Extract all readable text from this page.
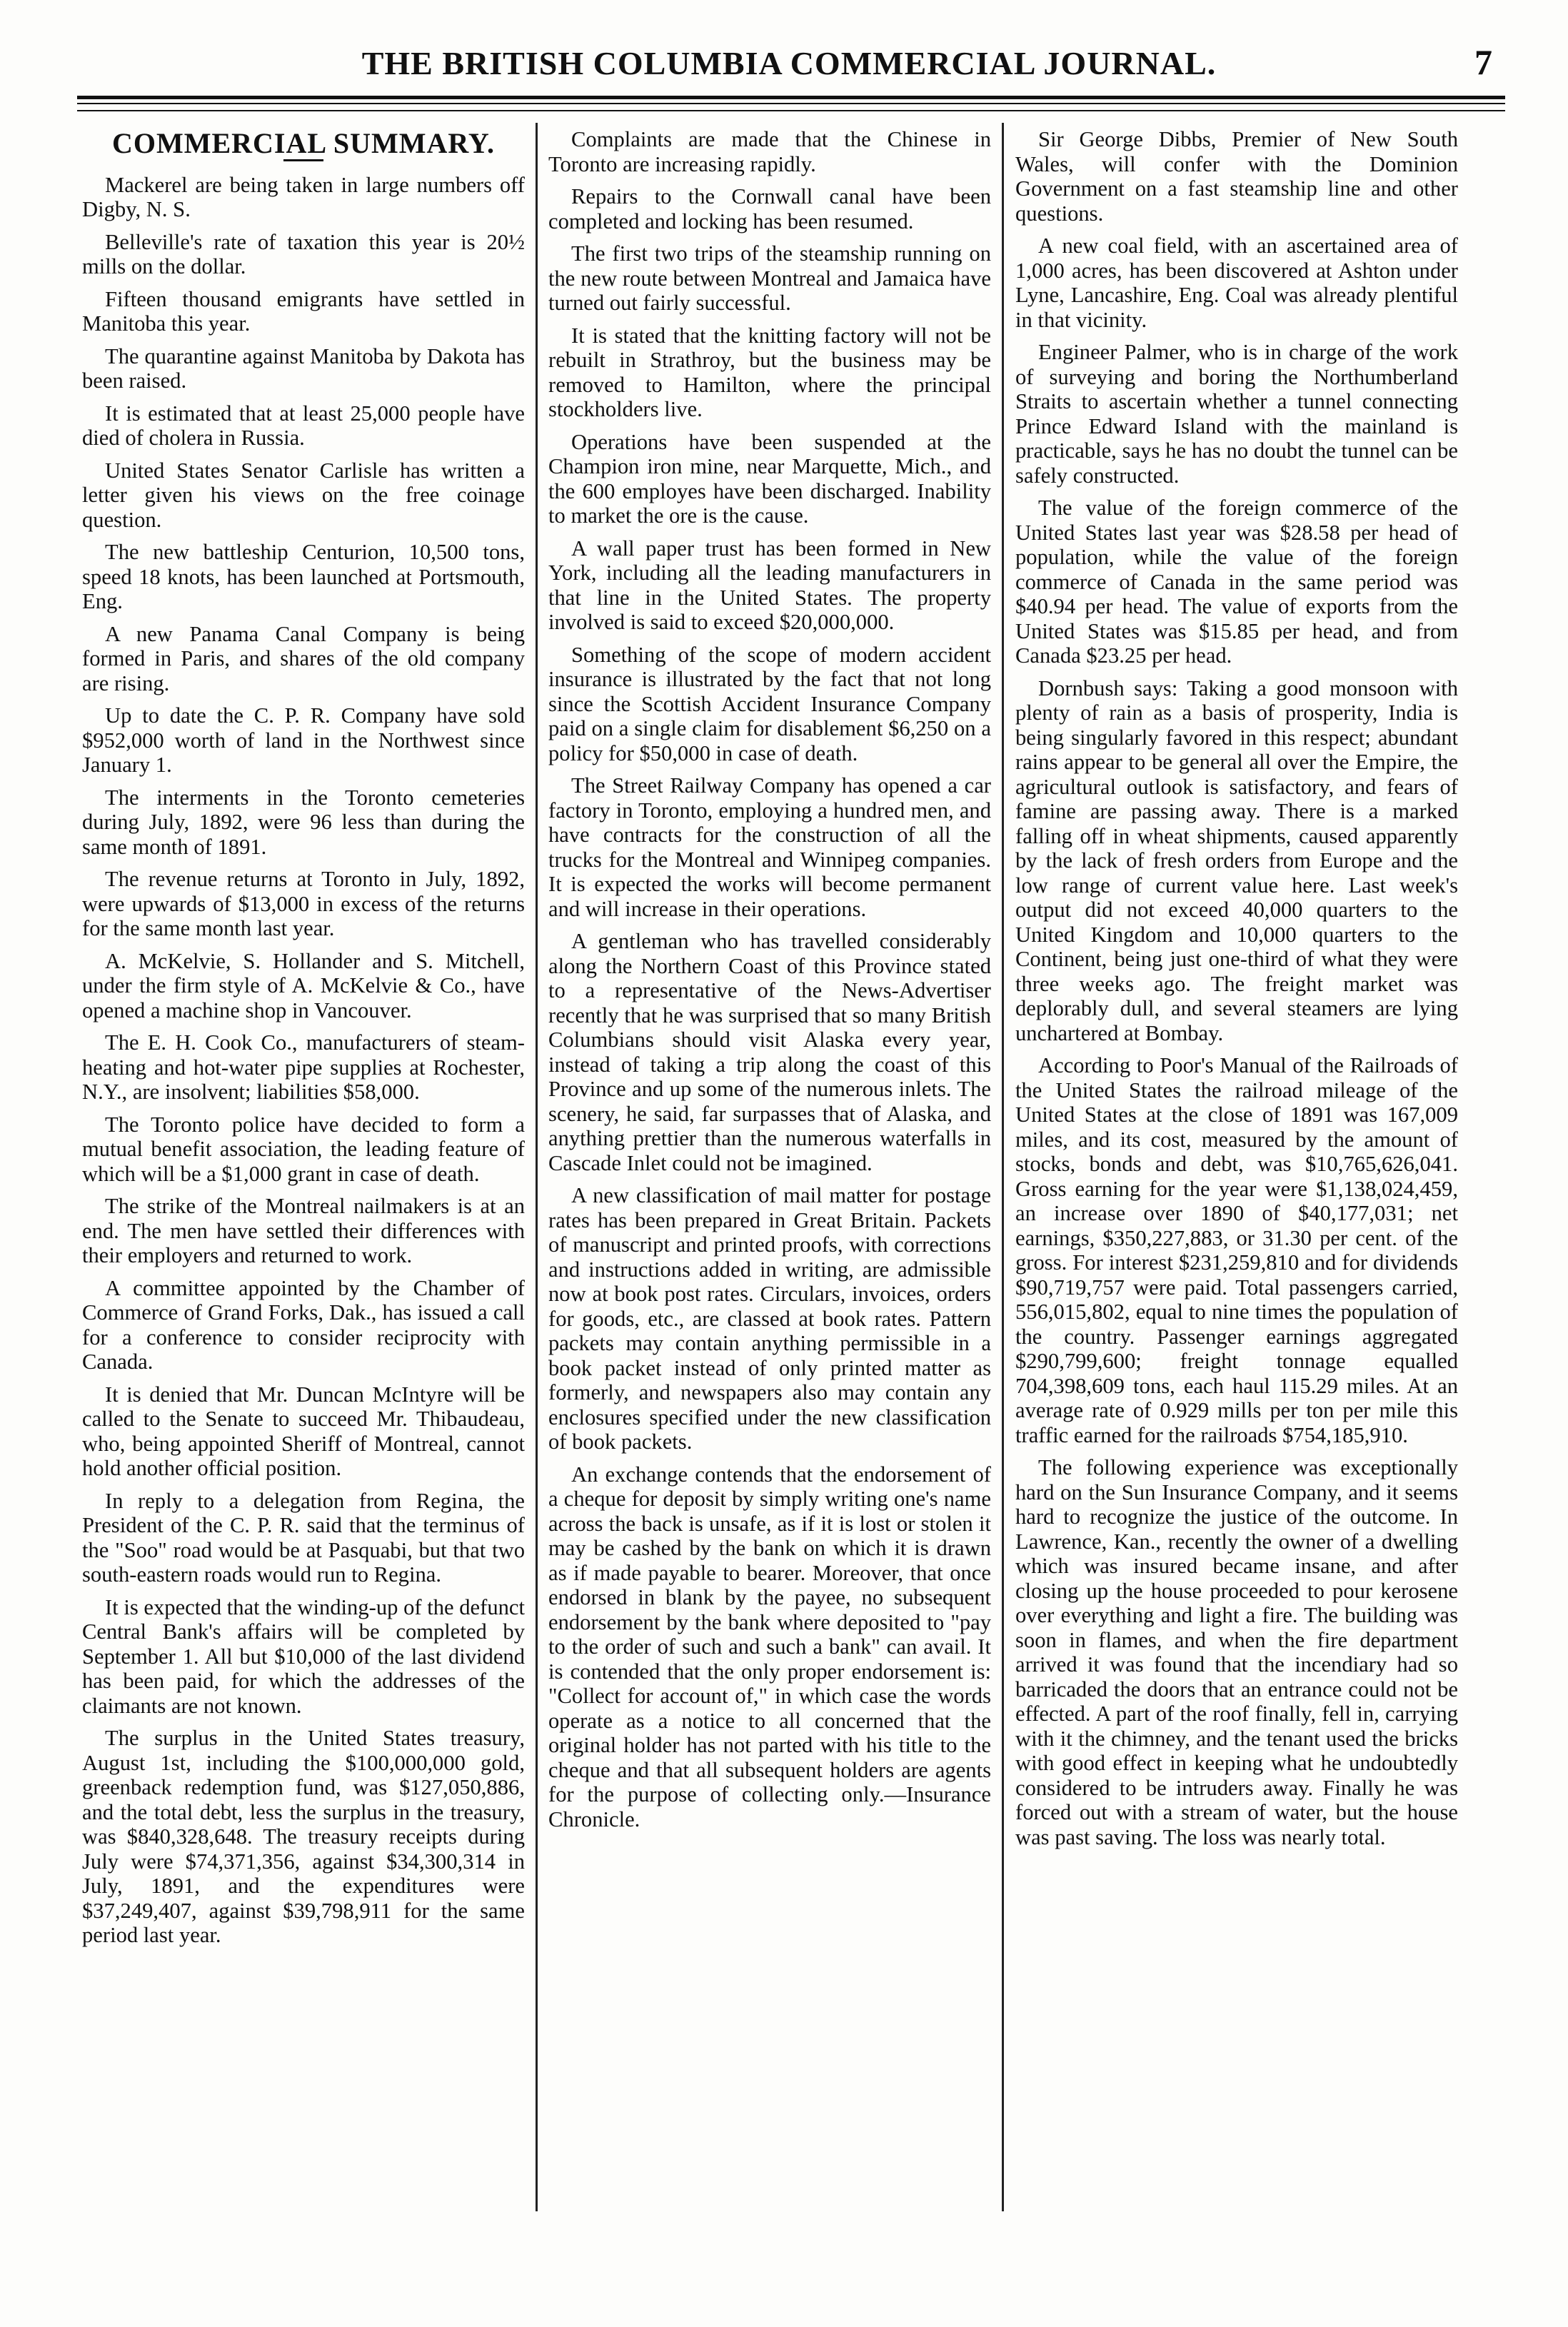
THE BRITISH COLUMBIA COMMERCIAL JOURNAL.	7
COMMERCIAL SUMMARY.

Mackerel are being taken in large numbers off Digby, N. S.

Belleville's rate of taxation this year is 20½ mills on the dollar.

Fifteen thousand emigrants have settled in Manitoba this year.

The quarantine against Manitoba by Dakota has been raised.

It is estimated that at least 25,000 people have died of cholera in Russia.

United States Senator Carlisle has written a letter given his views on the free coinage question.

The new battleship Centurion, 10,500 tons, speed 18 knots, has been launched at Portsmouth, Eng.

A new Panama Canal Company is being formed in Paris, and shares of the old company are rising.

Up to date the C. P. R. Company have sold $952,000 worth of land in the Northwest since January 1.

The interments in the Toronto cemeteries during July, 1892, were 96 less than during the same month of 1891.

The revenue returns at Toronto in July, 1892, were upwards of $13,000 in excess of the returns for the same month last year.

A. McKelvie, S. Hollander and S. Mitchell, under the firm style of A. McKelvie & Co., have opened a machine shop in Vancouver.

The E. H. Cook Co., manufacturers of steam-heating and hot-water pipe supplies at Rochester, N.Y., are insolvent; liabilities $58,000.

The Toronto police have decided to form a mutual benefit association, the leading feature of which will be a $1,000 grant in case of death.

The strike of the Montreal nailmakers is at an end. The men have settled their differences with their employers and returned to work.

A committee appointed by the Chamber of Commerce of Grand Forks, Dak., has issued a call for a conference to consider reciprocity with Canada.

It is denied that Mr. Duncan McIntyre will be called to the Senate to succeed Mr. Thibaudeau, who, being appointed Sheriff of Montreal, cannot hold another official position.

In reply to a delegation from Regina, the President of the C. P. R. said that the terminus of the "Soo" road would be at Pasquabi, but that two south-eastern roads would run to Regina.

It is expected that the winding-up of the defunct Central Bank's affairs will be completed by September 1. All but $10,000 of the last dividend has been paid, for which the addresses of the claimants are not known.

The surplus in the United States treasury, August 1st, including the $100,000,000 gold, greenback redemption fund, was $127,050,886, and the total debt, less the surplus in the treasury, was $840,328,648. The treasury receipts during July were $74,371,356, against $34,300,314 in July, 1891, and the expenditures were $37,249,407, against $39,798,911 for the same period last year.

Complaints are made that the Chinese in Toronto are increasing rapidly.

Repairs to the Cornwall canal have been completed and locking has been resumed.

The first two trips of the steamship running on the new route between Montreal and Jamaica have turned out fairly successful.

It is stated that the knitting factory will not be rebuilt in Strathroy, but the business may be removed to Hamilton, where the principal stockholders live.

Operations have been suspended at the Champion iron mine, near Marquette, Mich., and the 600 employes have been discharged. Inability to market the ore is the cause.

A wall paper trust has been formed in New York, including all the leading manufacturers in that line in the United States. The property involved is said to exceed $20,000,000.

Something of the scope of modern accident insurance is illustrated by the fact that not long since the Scottish Accident Insurance Company paid on a single claim for disablement $6,250 on a policy for $50,000 in case of death.

The Street Railway Company has opened a car factory in Toronto, employing a hundred men, and have contracts for the construction of all the trucks for the Montreal and Winnipeg companies. It is expected the works will become permanent and will increase in their operations.

A gentleman who has travelled considerably along the Northern Coast of this Province stated to a representative of the News-Advertiser recently that he was surprised that so many British Columbians should visit Alaska every year, instead of taking a trip along the coast of this Province and up some of the numerous inlets. The scenery, he said, far surpasses that of Alaska, and anything prettier than the numerous waterfalls in Cascade Inlet could not be imagined.

A new classification of mail matter for postage rates has been prepared in Great Britain. Packets of manuscript and printed proofs, with corrections and instructions added in writing, are admissible now at book post rates. Circulars, invoices, orders for goods, etc., are classed at book rates. Pattern packets may contain anything permissible in a book packet instead of only printed matter as formerly, and newspapers also may contain any enclosures specified under the new classification of book packets.

An exchange contends that the endorsement of a cheque for deposit by simply writing one's name across the back is unsafe, as if it is lost or stolen it may be cashed by the bank on which it is drawn as if made payable to bearer. Moreover, that once endorsed in blank by the payee, no subsequent endorsement by the bank where deposited to "pay to the order of such and such a bank" can avail. It is contended that the only proper endorsement is: "Collect for account of," in which case the words operate as a notice to all concerned that the original holder has not parted with his title to the cheque and that all subsequent holders are agents for the purpose of collecting only.—Insurance Chronicle.

Sir George Dibbs, Premier of New South Wales, will confer with the Dominion Government on a fast steamship line and other questions.

A new coal field, with an ascertained area of 1,000 acres, has been discovered at Ashton under Lyne, Lancashire, Eng. Coal was already plentiful in that vicinity.

Engineer Palmer, who is in charge of the work of surveying and boring the Northumberland Straits to ascertain whether a tunnel connecting Prince Edward Island with the mainland is practicable, says he has no doubt the tunnel can be safely constructed.

The value of the foreign commerce of the United States last year was $28.58 per head of population, while the value of the foreign commerce of Canada in the same period was $40.94 per head. The value of exports from the United States was $15.85 per head, and from Canada $23.25 per head.

Dornbush says: Taking a good monsoon with plenty of rain as a basis of prosperity, India is being singularly favored in this respect; abundant rains appear to be general all over the Empire, the agricultural outlook is satisfactory, and fears of famine are passing away. There is a marked falling off in wheat shipments, caused apparently by the lack of fresh orders from Europe and the low range of current value here. Last week's output did not exceed 40,000 quarters to the United Kingdom and 10,000 quarters to the Continent, being just one-third of what they were three weeks ago. The freight market was deplorably dull, and several steamers are lying unchartered at Bombay.

According to Poor's Manual of the Railroads of the United States the railroad mileage of the United States at the close of 1891 was 167,009 miles, and its cost, measured by the amount of stocks, bonds and debt, was $10,765,626,041. Gross earning for the year were $1,138,024,459, an increase over 1890 of $40,177,031; net earnings, $350,227,883, or 31.30 per cent. of the gross. For interest $231,259,810 and for dividends $90,719,757 were paid. Total passengers carried, 556,015,802, equal to nine times the population of the country. Passenger earnings aggregated $290,799,600; freight tonnage equalled 704,398,609 tons, each haul 115.29 miles. At an average rate of 0.929 mills per ton per mile this traffic earned for the railroads $754,185,910.

The following experience was exceptionally hard on the Sun Insurance Company, and it seems hard to recognize the justice of the outcome. In Lawrence, Kan., recently the owner of a dwelling which was insured became insane, and after closing up the house proceeded to pour kerosene over everything and light a fire. The building was soon in flames, and when the fire department arrived it was found that the incendiary had so barricaded the doors that an entrance could not be effected. A part of the roof finally, fell in, carrying with it the chimney, and the tenant used the bricks with good effect in keeping what he undoubtedly considered to be intruders away. Finally he was forced out with a stream of water, but the house was past saving. The loss was nearly total.
